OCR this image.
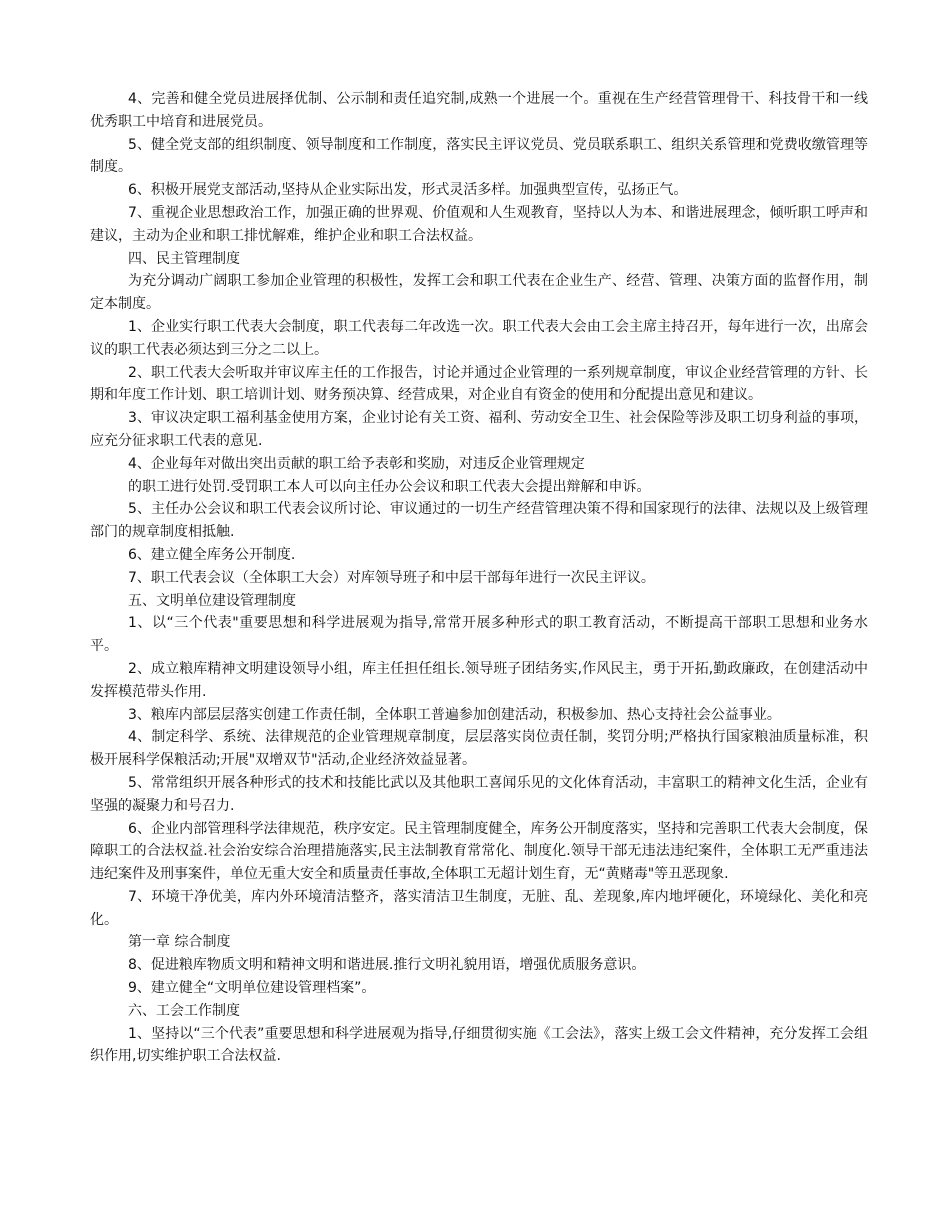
4、完善和健全党员进展择优制、公示制和责任追究制,成熟一个进展一个。重视在生产经营管理骨干、科技骨干和一线优秀职工中培育和进展党员。

5、健全党支部的组织制度、领导制度和工作制度，落实民主评议党员、党员联系职工、组织关系管理和党费收缴管理等制度。

6、积极开展党支部活动,坚持从企业实际出发，形式灵活多样。加强典型宣传，弘扬正气。

7、重视企业思想政治工作，加强正确的世界观、价值观和人生观教育，坚持以人为本、和谐进展理念，倾听职工呼声和建议，主动为企业和职工排忧解难，维护企业和职工合法权益。

四、民主管理制度

为充分调动广阔职工参加企业管理的积极性，发挥工会和职工代表在企业生产、经营、管理、决策方面的监督作用，制定本制度。

1、企业实行职工代表大会制度，职工代表每二年改选一次。职工代表大会由工会主席主持召开，每年进行一次，出席会议的职工代表必须达到三分之二以上。

2、职工代表大会听取并审议库主任的工作报告，讨论并通过企业管理的一系列规章制度，审议企业经营管理的方针、长期和年度工作计划、职工培训计划、财务预决算、经营成果，对企业自有资金的使用和分配提出意见和建议。

3、审议决定职工福利基金使用方案，企业讨论有关工资、福利、劳动安全卫生、社会保险等涉及职工切身利益的事项，应充分征求职工代表的意见.

4、企业每年对做出突出贡献的职工给予表彰和奖励，对违反企业管理规定

的职工进行处罚.受罚职工本人可以向主任办公会议和职工代表大会提出辩解和申诉。

5、主任办公会议和职工代表会议所讨论、审议通过的一切生产经营管理决策不得和国家现行的法律、法规以及上级管理部门的规章制度相抵触.

6、建立健全库务公开制度.

7、职工代表会议（全体职工大会）对库领导班子和中层干部每年进行一次民主评议。

五、文明单位建设管理制度

1、以“三个代表"重要思想和科学进展观为指导,常常开展多种形式的职工教育活动，不断提高干部职工思想和业务水平。

2、成立粮库精神文明建设领导小组，库主任担任组长.领导班子团结务实,作风民主，勇于开拓,勤政廉政，在创建活动中发挥模范带头作用.

3、粮库内部层层落实创建工作责任制，全体职工普遍参加创建活动，积极参加、热心支持社会公益事业。

4、制定科学、系统、法律规范的企业管理规章制度，层层落实岗位责任制，奖罚分明;严格执行国家粮油质量标准，积极开展科学保粮活动;开展"双增双节"活动,企业经济效益显著。

5、常常组织开展各种形式的技术和技能比武以及其他职工喜闻乐见的文化体育活动，丰富职工的精神文化生活，企业有坚强的凝聚力和号召力.

6、企业内部管理科学法律规范，秩序安定。民主管理制度健全，库务公开制度落实，坚持和完善职工代表大会制度，保障职工的合法权益.社会治安综合治理措施落实,民主法制教育常常化、制度化.领导干部无违法违纪案件，全体职工无严重违法违纪案件及刑事案件，单位无重大安全和质量责任事故,全体职工无超计划生育，无“黄赌毒"等丑恶现象.

7、环境干净优美，库内外环境清洁整齐，落实清洁卫生制度，无脏、乱、差现象,库内地坪硬化，环境绿化、美化和亮化。

第一章 综合制度

8、促进粮库物质文明和精神文明和谐进展.推行文明礼貌用语，增强优质服务意识。

9、建立健全“文明单位建设管理档案”。

六、工会工作制度

1、坚持以“三个代表”重要思想和科学进展观为指导,仔细贯彻实施《工会法》，落实上级工会文件精神，充分发挥工会组织作用,切实维护职工合法权益.
